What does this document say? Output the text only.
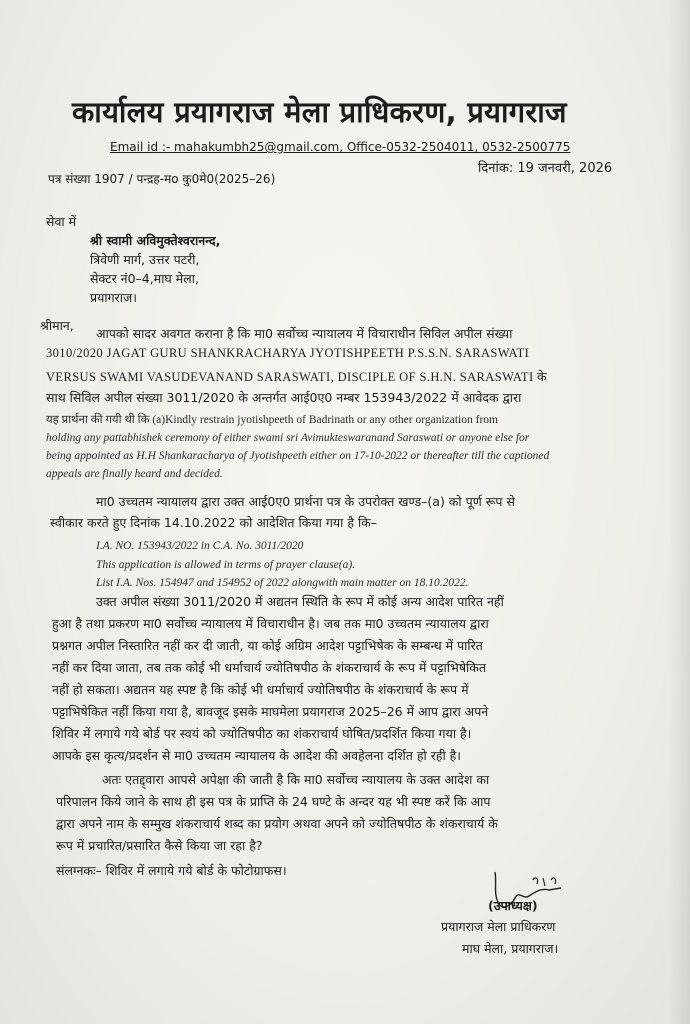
कार्यालय प्रयागराज मेला प्राधिकरण, प्रयागराज
Email id :- mahakumbh25@gmail.com, Office-0532-2504011, 0532-2500775
दिनांक: 19 जनवरी, 2026
पत्र संख्या 1907 / पन्द्रह-मo कु0मे0(2025–26)
सेवा में
श्री स्वामी अविमुक्तेश्वरानन्द,
त्रिवेणी मार्ग, उत्तर पटरी,
सेक्टर नं0–4,माघ मेला,
प्रयागराज।
श्रीमान,
आपको सादर अवगत कराना है कि मा0 सर्वोच्च न्यायालय में विचाराधीन सिविल अपील संख्या
3010/2020 JAGAT GURU SHANKRACHARYA JYOTISHPEETH P.S.S.N. SARASWATI
VERSUS SWAMI VASUDEVANAND SARASWATI, DISCIPLE OF S.H.N. SARASWATI के
साथ सिविल अपील संख्या 3011/2020 के अन्तर्गत आई0ए0 नम्बर 153943/2022 में आवेदक द्वारा
यह प्रार्थना की गयी थी कि (a)Kindly restrain jyotishpeeth of Badrinath or any other organization from
holding any pattabhishek ceremony of either swami sri Avimukteswaranand Saraswati or anyone else for
being appointed as H.H Shankaracharya of Jyotishpeeth either on 17-10-2022 or thereafter till the captioned
appeals are finally heard and decided.
मा0 उच्चतम न्यायालय द्वारा उक्त आई0ए0 प्रार्थना पत्र के उपरोक्त खण्ड–(a) को पूर्ण रूप से
स्वीकार करते हुए दिनांक 14.10.2022 को आदेशित किया गया है कि–
I.A. NO. 153943/2022 in C.A. No. 3011/2020
This application is allowed in terms of prayer clause(a).
List I.A. Nos. 154947 and 154952 of 2022 alongwith main matter on 18.10.2022.
उक्त अपील संख्या 3011/2020 में अद्यतन स्थिति के रूप में कोई अन्य आदेश पारित नहीं
हुआ है तथा प्रकरण मा0 सर्वोच्च न्यायालय में विचाराधीन है। जब तक मा0 उच्चतम न्यायालय द्वारा
प्रश्नगत अपील निस्तारित नहीं कर दी जाती, या कोई अग्रिम आदेश पट्टाभिषेक के सम्बन्ध में पारित
नहीं कर दिया जाता, तब तक कोई भी धर्माचार्य ज्योतिषपीठ के शंकराचार्य के रूप में पट्टाभिषेकित
नहीं हो सकता। अद्यतन यह स्पष्ट है कि कोई भी धर्माचार्य ज्योतिषपीठ के शंकराचार्य के रूप में
पट्टाभिषेकित नहीं किया गया है, बावजूद इसके माघमेला प्रयागराज 2025–26 में आप द्वारा अपने
शिविर में लगाये गये बोर्ड पर स्वयं को ज्योतिषपीठ का शंकराचार्य घोषित/प्रदर्शित किया गया है।
आपके इस कृत्य/प्रदर्शन से मा0 उच्चतम न्यायालय के आदेश की अवहेलना दर्शित हो रही है।
अतः एतद्द्वारा आपसे अपेक्षा की जाती है कि मा0 सर्वोच्च न्यायालय के उक्त आदेश का
परिपालन किये जाने के साथ ही इस पत्र के प्राप्ति के 24 घण्टे के अन्दर यह भी स्पष्ट करें कि आप
द्वारा अपने नाम के सम्मुख शंकराचार्य शब्द का प्रयोग अथवा अपने को ज्योतिषपीठ के शंकराचार्य के
रूप में प्रचारित/प्रसारित कैसे किया जा रहा है?
संलग्नकः– शिविर में लगाये गये बोर्ड के फोटोग्राफस।
(उपाध्यक्ष)
प्रयागराज मेला प्राधिकरण
माघ मेला, प्रयागराज।
